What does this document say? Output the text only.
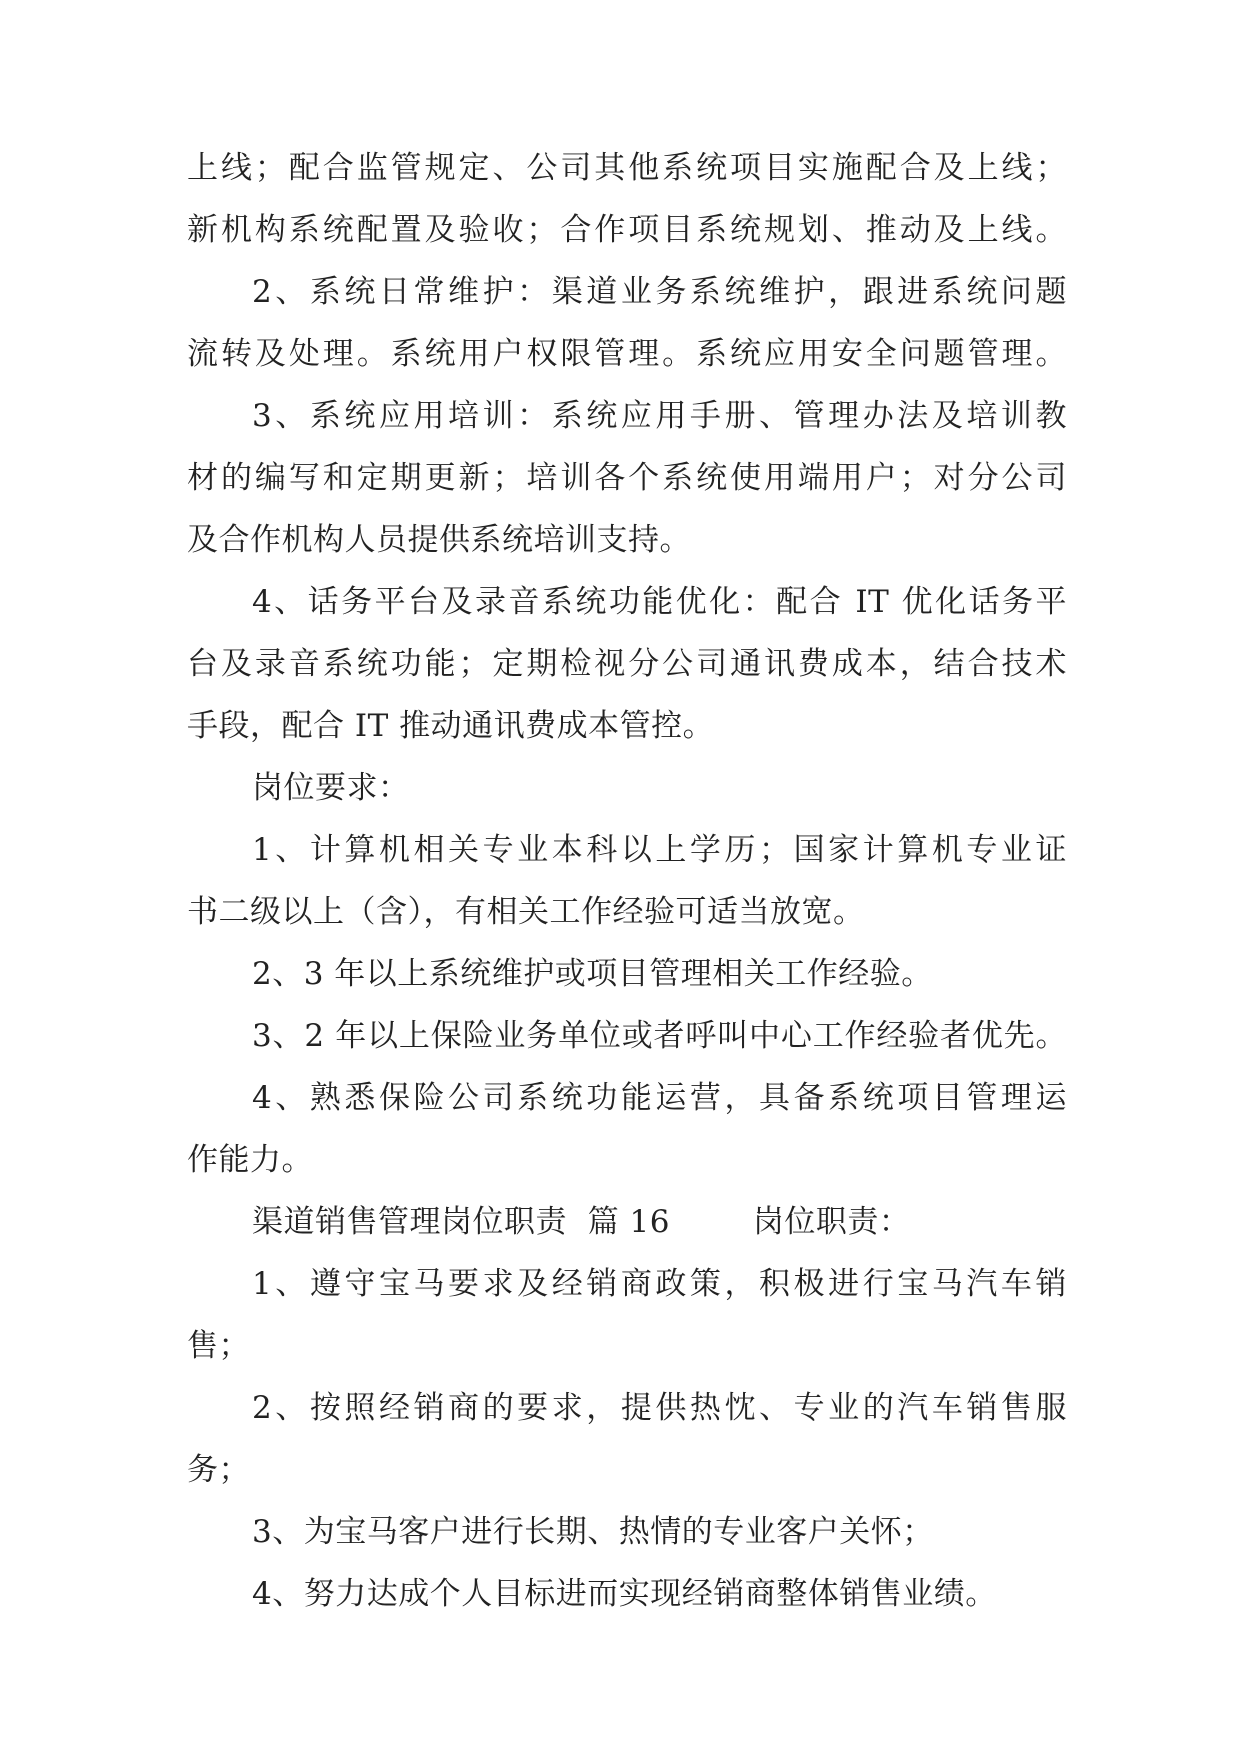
上线；配合监管规定、公司其他系统项目实施配合及上线；
新机构系统配置及验收；合作项目系统规划、推动及上线。
2、系统日常维护：渠道业务系统维护，跟进系统问题
流转及处理。系统用户权限管理。系统应用安全问题管理。
3、系统应用培训：系统应用手册、管理办法及培训教
材的编写和定期更新；培训各个系统使用端用户；对分公司
及合作机构人员提供系统培训支持。
4、话务平台及录音系统功能优化：配合 IT 优化话务平
台及录音系统功能；定期检视分公司通讯费成本，结合技术
手段，配合 IT 推动通讯费成本管控。
岗位要求：
1、计算机相关专业本科以上学历；国家计算机专业证
书二级以上（含），有相关工作经验可适当放宽。
2、3 年以上系统维护或项目管理相关工作经验。
3、2 年以上保险业务单位或者呼叫中心工作经验者优先。
4、熟悉保险公司系统功能运营，具备系统项目管理运
作能力。
渠道销售管理岗位职责  篇 16        岗位职责：
1、遵守宝马要求及经销商政策，积极进行宝马汽车销
售；
2、按照经销商的要求，提供热忱、专业的汽车销售服
务；
3、为宝马客户进行长期、热情的专业客户关怀；
4、努力达成个人目标进而实现经销商整体销售业绩。
